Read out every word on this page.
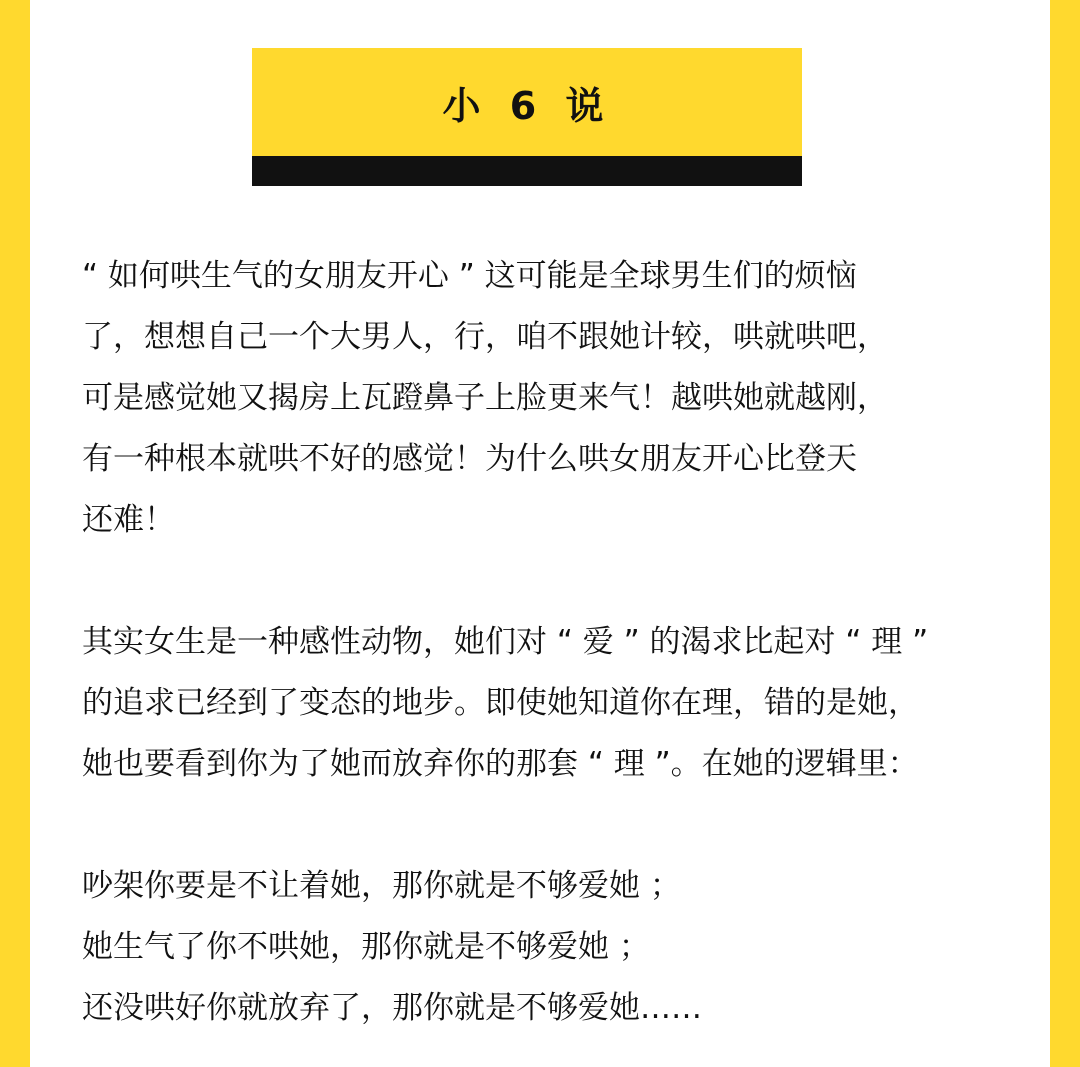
小 6 说

“ 如何哄生气的女朋友开心 ” 这可能是全球男生们的烦恼

了，想想自己一个大男人，行，咱不跟她计较，哄就哄吧，

可是感觉她又揭房上瓦蹬鼻子上脸更来气！越哄她就越刚，

有一种根本就哄不好的感觉！为什么哄女朋友开心比登天

还难！

其实女生是一种感性动物，她们对 “ 爱 ” 的渴求比起对 “ 理 ”

的追求已经到了变态的地步。即使她知道你在理，错的是她，

她也要看到你为了她而放弃你的那套 “ 理 ”。在她的逻辑里：

吵架你要是不让着她，那你就是不够爱她 ；

她生气了你不哄她，那你就是不够爱她 ；

还没哄好你就放弃了，那你就是不够爱她……
